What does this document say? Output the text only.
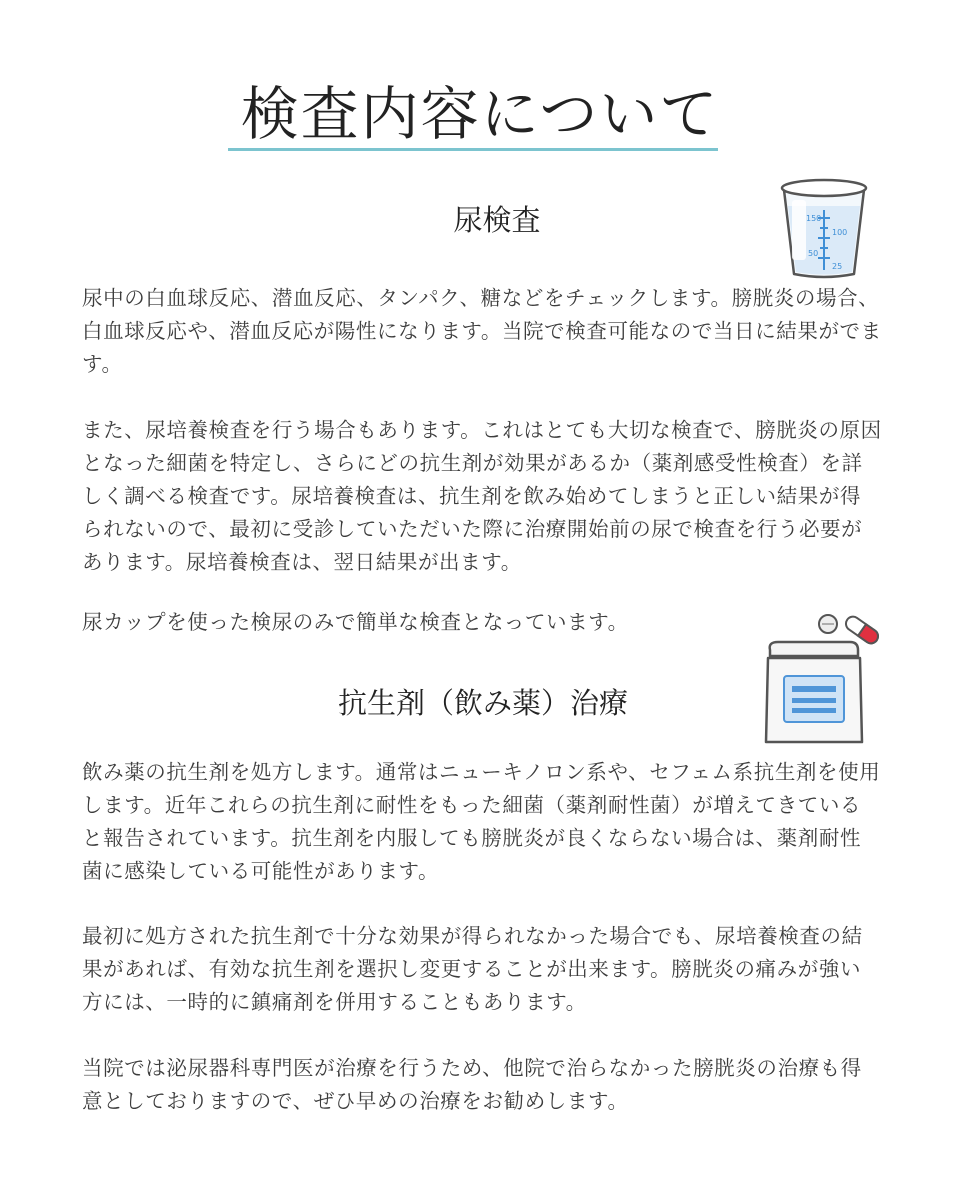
検査内容について
150
100
50
25
尿検査

尿中の白血球反応、潜血反応、タンパク、糖などをチェックします。膀胱炎の場合、白血球反応や、潜血反応が陽性になります。当院で検査可能なので当日に結果がでます。

また、尿培養検査を行う場合もあります。これはとても大切な検査で、膀胱炎の原因となった細菌を特定し、さらにどの抗生剤が効果があるか（薬剤感受性検査）を詳しく調べる検査です。尿培養検査は、抗生剤を飲み始めてしまうと正しい結果が得られないので、最初に受診していただいた際に治療開始前の尿で検査を行う必要があります。尿培養検査は、翌日結果が出ます。

尿カップを使った検尿のみで簡単な検査となっています。

抗生剤（飲み薬）治療

飲み薬の抗生剤を処方します。通常はニューキノロン系や、セフェム系抗生剤を使用します。近年これらの抗生剤に耐性をもった細菌（薬剤耐性菌）が増えてきていると報告されています。抗生剤を内服しても膀胱炎が良くならない場合は、薬剤耐性菌に感染している可能性があります。

最初に処方された抗生剤で十分な効果が得られなかった場合でも、尿培養検査の結果があれば、有効な抗生剤を選択し変更することが出来ます。膀胱炎の痛みが強い方には、一時的に鎮痛剤を併用することもあります。

当院では泌尿器科専門医が治療を行うため、他院で治らなかった膀胱炎の治療も得意としておりますので、ぜひ早めの治療をお勧めします。
